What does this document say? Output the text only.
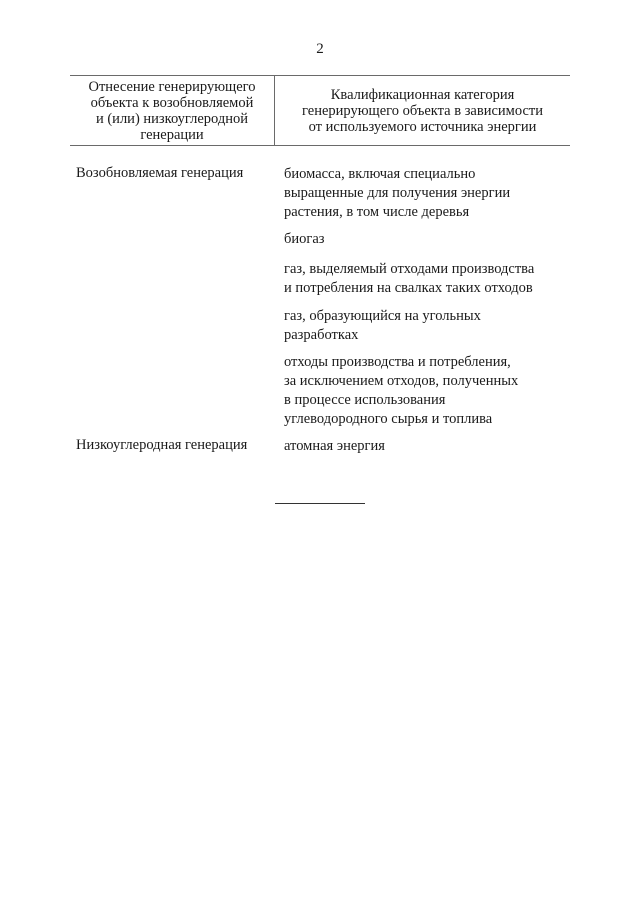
2
Отнесение генерирующего
объекта к возобновляемой
и (или) низкоуглеродной
генерации
Квалификационная категория
генерирующего объекта в зависимости
от используемого источника энергии
Возобновляемая генерация	биомасса, включая специально
выращенные для получения энергии
растения, в том числе деревья
биогаз
газ, выделяемый отходами производства
и потребления на свалках таких отходов
газ, образующийся на угольных
разработках
отходы производства и потребления,
за исключением отходов, полученных
в процессе использования
углеводородного сырья и топлива
Низкоуглеродная генерация	атомная энергия
